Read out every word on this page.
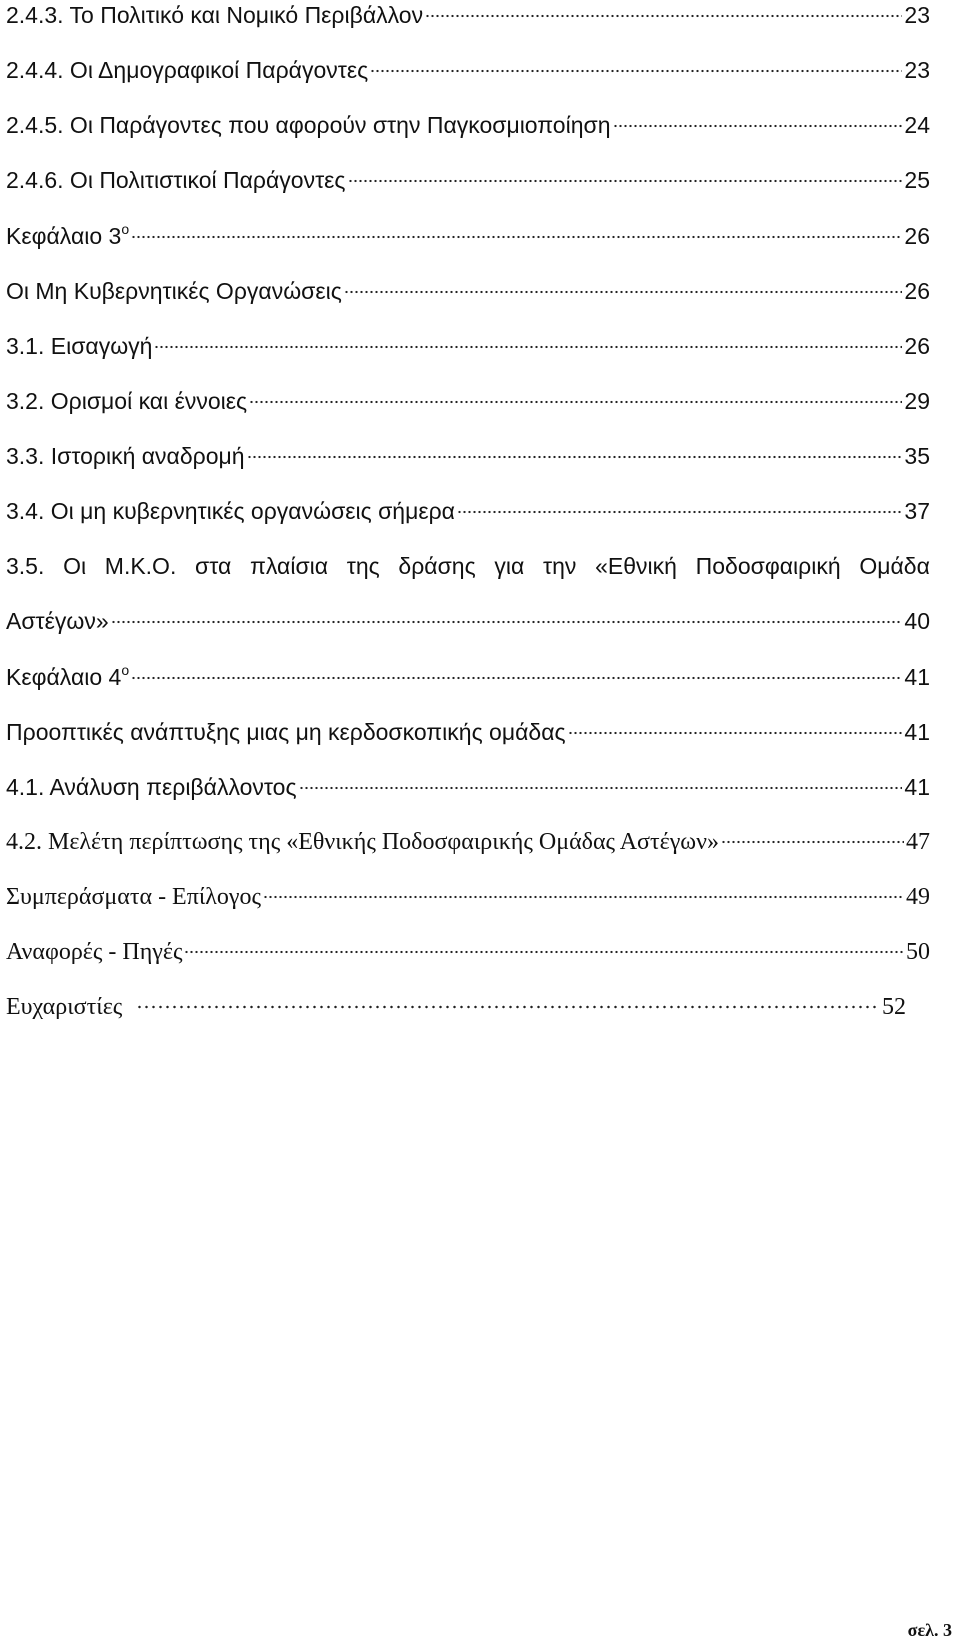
2.4.3. Το Πολιτικό και Νομικό Περιβάλλον	23
2.4.4. Οι Δημογραφικοί Παράγοντες	23
2.4.5. Οι Παράγοντες που αφορούν στην Παγκοσμιοποίηση	24
2.4.6. Οι Πολιτιστικοί Παράγοντες	25
Κεφάλαιο $3^o$	26
Οι Μη Κυβερνητικές Οργανώσεις	26
3.1. Εισαγωγή	26
3.2. Ορισμοί και έννοιες	29
3.3. Ιστορική αναδρομή	35
3.4. Οι μη κυβερνητικές οργανώσεις σήμερα	37
3.5. Οι Μ.Κ.Ο. στα πλαίσια της δράσης για την «Εθνική Ποδοσφαιρική Ομάδα
Αστέγων»	40
Κεφάλαιο $4^o$	41
Προοπτικές ανάπτυξης μιας μη κερδοσκοπικής ομάδας	41
4.1. Ανάλυση περιβάλλοντος	41
4.2. Μελέτη περίπτωσης της «Εθνικής Ποδοσφαιρικής Ομάδας Αστέγων»	47
Συμπεράσματα - Επίλογος	49
Αναφορές - Πηγές	50
Ευχαριστίες	52
σελ. 3
